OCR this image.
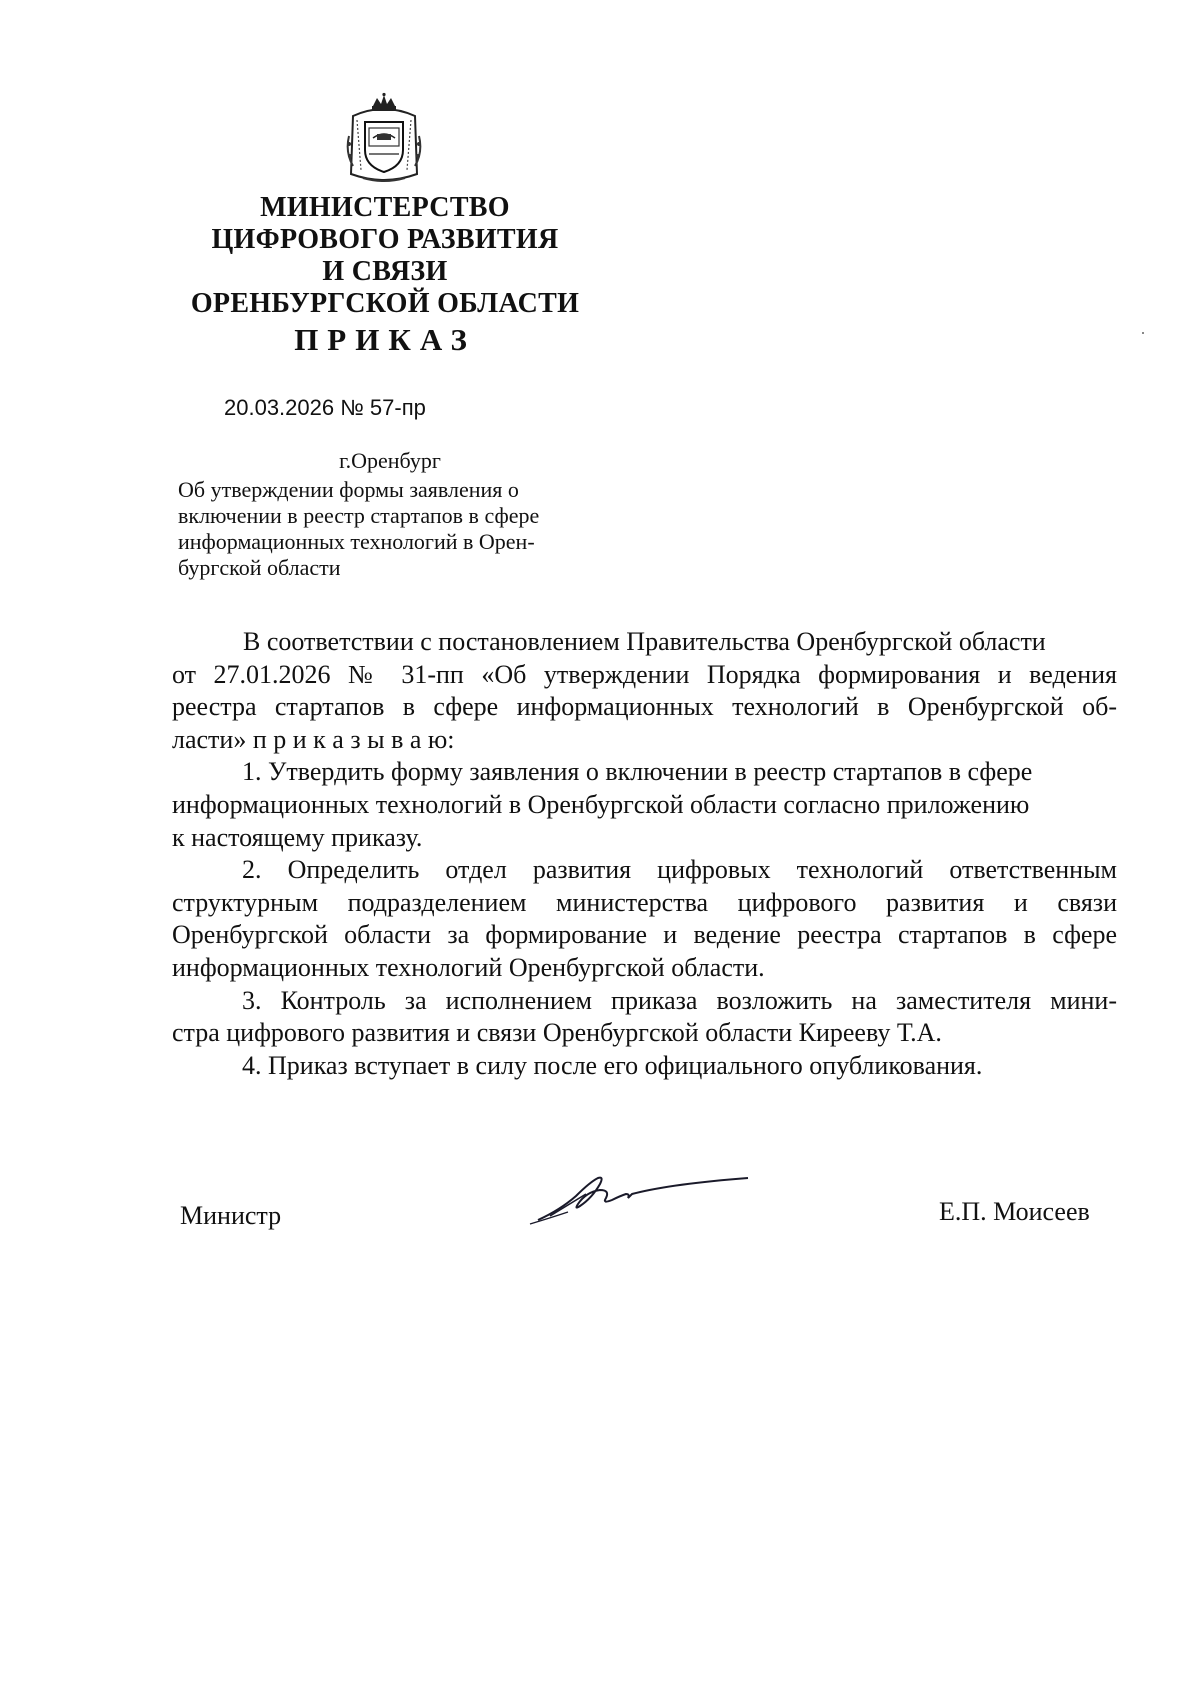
МИНИСТЕРСТВО
ЦИФРОВОГО РАЗВИТИЯ
И СВЯЗИ
ОРЕНБУРГСКОЙ ОБЛАСТИ
ПРИКАЗ
20.03.2026 № 57-пр
г.Оренбург
Об утверждении формы заявления о
включении в реестр стартапов в сфере
информационных технологий в Орен-
бургской области
В соответствии с постановлением Правительства Оренбургской области
от 27.01.2026 № 31-пп «Об утверждении Порядка формирования и ведения
реестра стартапов в сфере информационных технологий в Оренбургской об-
ласти» п р и к а з ы в а ю:
1. Утвердить форму заявления о включении в реестр стартапов в сфере
информационных технологий в Оренбургской области согласно приложению
к настоящему приказу.
2. Определить отдел развития цифровых технологий ответственным
структурным подразделением министерства цифрового развития и связи
Оренбургской области за формирование и ведение реестра стартапов в сфере
информационных технологий Оренбургской области.
3. Контроль за исполнением приказа возложить на заместителя мини-
стра цифрового развития и связи Оренбургской области Кирееву Т.А.
4. Приказ вступает в силу после его официального опубликования.
Министр	Е.П. Моисеев
